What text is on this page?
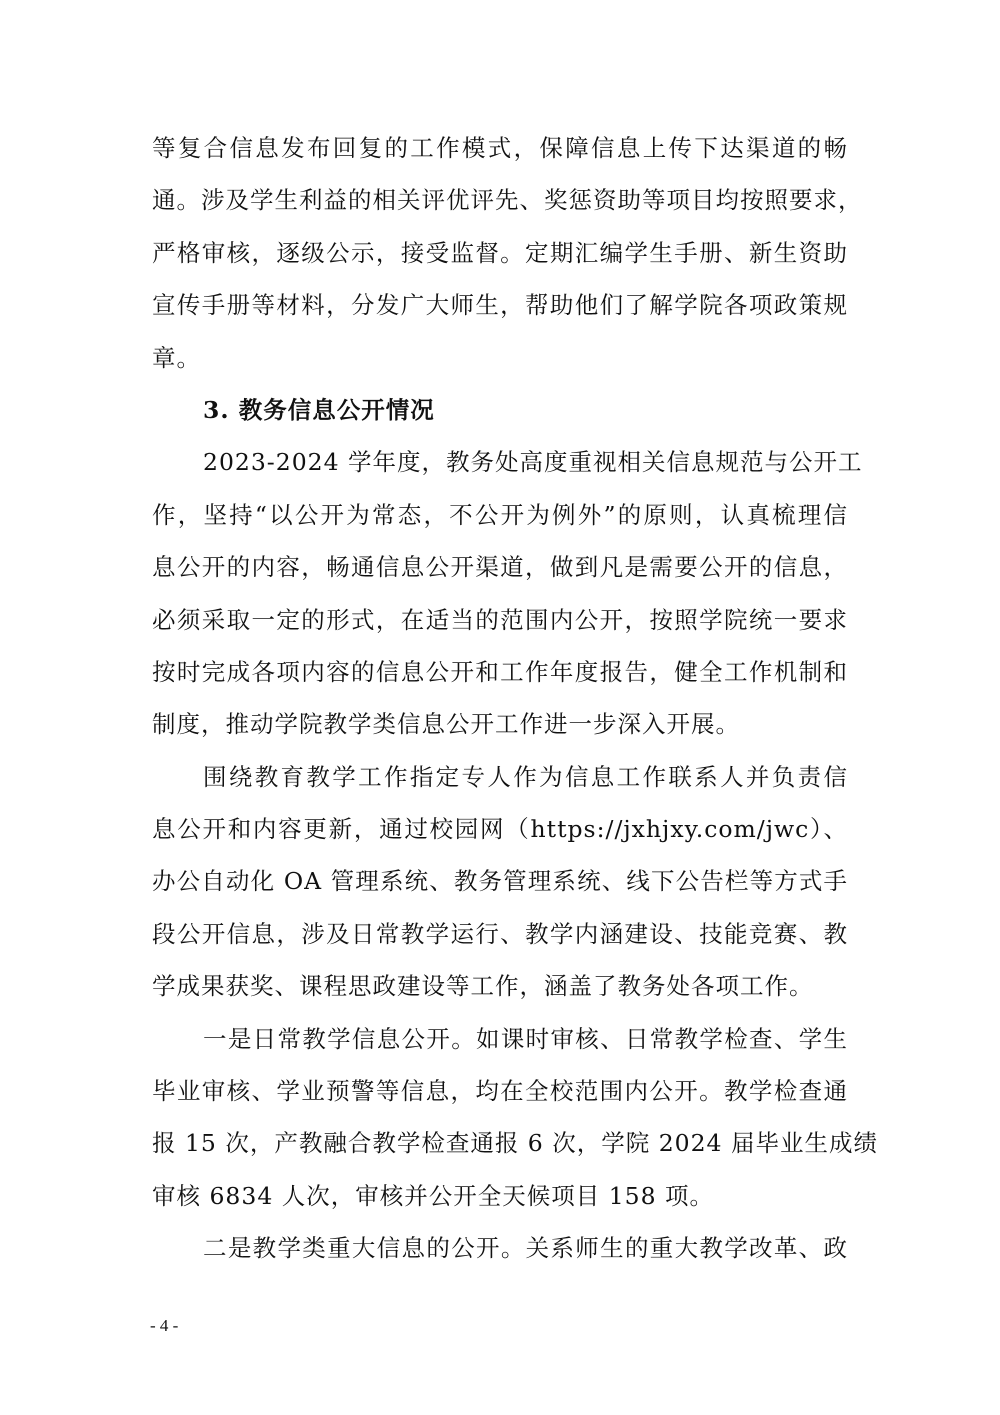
等复合信息发布回复的工作模式，保障信息上传下达渠道的畅
通。涉及学生利益的相关评优评先、奖惩资助等项目均按照要求，
严格审核，逐级公示，接受监督。定期汇编学生手册、新生资助
宣传手册等材料，分发广大师生，帮助他们了解学院各项政策规
章。
3. 教务信息公开情况
2023-2024 学年度，教务处高度重视相关信息规范与公开工
作，坚持“以公开为常态，不公开为例外”的原则，认真梳理信
息公开的内容，畅通信息公开渠道，做到凡是需要公开的信息，
必须采取一定的形式，在适当的范围内公开，按照学院统一要求
按时完成各项内容的信息公开和工作年度报告，健全工作机制和
制度，推动学院教学类信息公开工作进一步深入开展。
围绕教育教学工作指定专人作为信息工作联系人并负责信
息公开和内容更新，通过校园网（https://jxhjxy.com/jwc）、
办公自动化 OA 管理系统、教务管理系统、线下公告栏等方式手
段公开信息，涉及日常教学运行、教学内涵建设、技能竞赛、教
学成果获奖、课程思政建设等工作，涵盖了教务处各项工作。
一是日常教学信息公开。如课时审核、日常教学检查、学生
毕业审核、学业预警等信息，均在全校范围内公开。教学检查通
报 15 次，产教融合教学检查通报 6 次，学院 2024 届毕业生成绩
审核 6834 人次，审核并公开全天候项目 158 项。
二是教学类重大信息的公开。关系师生的重大教学改革、政
- 4 -
